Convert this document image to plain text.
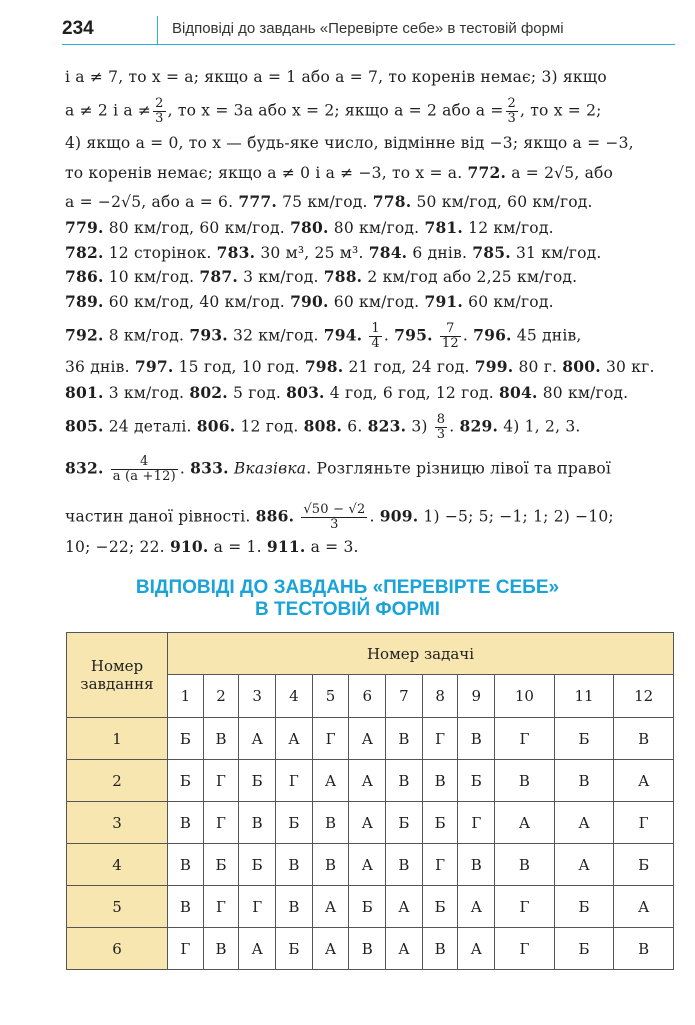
234	Відповіді до завдань «Перевірте себе» в тестовій формі
і a ≠ 7, то x = a; якщо a = 1 або a = 7, то коренів немає; 3) якщо
a ≠ 2 і $a \ne \frac{2}{3}$ , то x = 3a або x = 2; якщо a = 2 або $a = \frac{2}{3}$ , то x = 2;
4) якщо a = 0, то x — будь-яке число, відмінне від −3; якщо a = −3,
то коренів немає; якщо a ≠ 0 і a ≠ −3, то x = a. 772. a = 2√5, або
a = −2√5, або a = 6. 777. 75 км/год. 778. 50 км/год, 60 км/год.
779. 80 км/год, 60 км/год. 780. 80 км/год. 781. 12 км/год.
782. 12 сторінок. 783. 30 м³, 25 м³. 784. 6 днів. 785. 31 км/год.
786. 10 км/год. 787. 3 км/год. 788. 2 км/год або 2,25 км/год.
789. 60 км/год, 40 км/год. 790. 60 км/год. 791. 60 км/год.
792. 8 км/год. 793. 32 км/год. 794. $\frac{1}{4}$ . 795. $\frac{7}{12}$ . 796. 45 днів,
36 днів. 797. 15 год, 10 год. 798. 21 год, 24 год. 799. 80 г. 800. 30 кг.
801. 3 км/год. 802. 5 год. 803. 4 год, 6 год, 12 год. 804. 80 км/год.
805. 24 деталі. 806. 12 год. 808. 6. 823. $3) \frac{8}{3}$ . 829. 4) 1, 2, 3.
832. $\frac{4}{a (a +12)}$ . 833. Вказівка. Розгляньте різницю лівої та правої
частин даної рівності. 886. $\frac{√50 - √2}{3}$ . 909. 1) −5; 5; −1; 1; 2) −10;
10; −22; 22. 910. a = 1. 911. a = 3.
ВІДПОВІДІ ДО ЗАВДАНЬ «ПЕРЕВІРТЕ СЕБЕ»
В ТЕСТОВІЙ ФОРМІ
Номер завдання	Номер задачі											
	1	2	3	4	5	6	7	8	9	10	11	12
1	Б	В	А	А	Г	А	В	Г	В	Г	Б	В
2	Б	Г	Б	Г	А	А	В	В	Б	В	В	А
3	В	Г	В	Б	В	А	Б	Б	Г	А	А	Г
4	В	Б	Б	В	В	А	В	Г	В	В	А	Б
5	В	Г	Г	В	А	Б	А	Б	А	Г	Б	А
6	Г	В	А	Б	А	В	А	В	А	Г	Б	В
